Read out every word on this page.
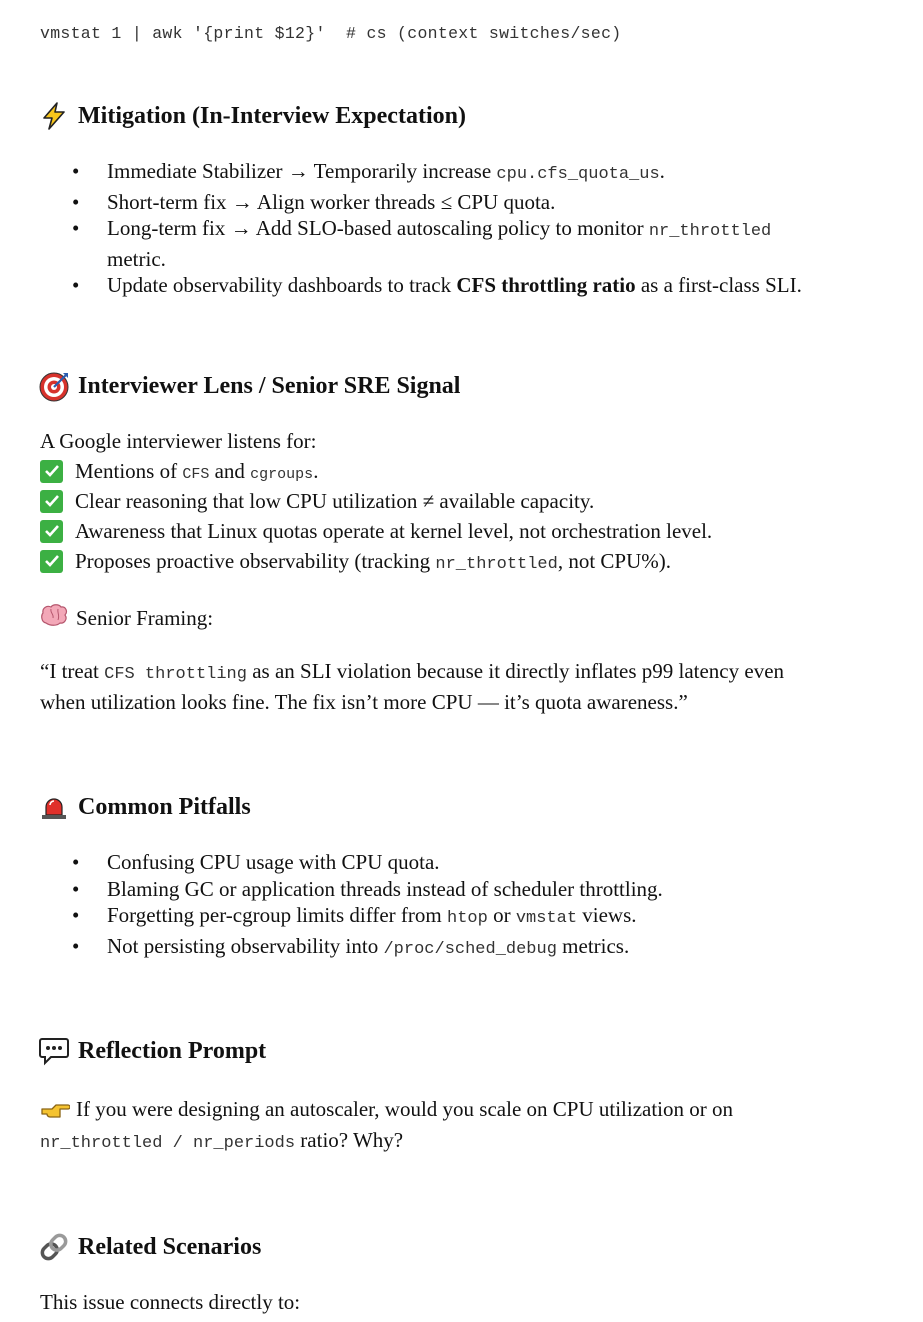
vmstat 1 | awk '{print $12}'  # cs (context switches/sec)
Mitigation (In-Interview Expectation)
• Immediate Stabilizer → Temporarily increase cpu.cfs_quota_us.
• Short-term fix → Align worker threads ≤ CPU quota.
• Long-term fix → Add SLO-based autoscaling policy to monitor nr_throttled
metric.
• Update observability dashboards to track CFS throttling ratio as a first-class SLI.
Interviewer Lens / Senior SRE Signal

A Google interviewer listens for:

Mentions of CFS and cgroups.
Clear reasoning that low CPU utilization ≠ available capacity.
Awareness that Linux quotas operate at kernel level, not orchestration level.
Proposes proactive observability (tracking nr_throttled, not CPU%).
Senior Framing:

“I treat CFS throttling as an SLI violation because it directly inflates p99 latency even
when utilization looks fine. The fix isn’t more CPU — it’s quota awareness.”

Common Pitfalls
• Confusing CPU usage with CPU quota.
• Blaming GC or application threads instead of scheduler throttling.
• Forgetting per-cgroup limits differ from htop or vmstat views.
• Not persisting observability into /proc/sched_debug metrics.
Reflection Prompt

If you were designing an autoscaler, would you scale on CPU utilization or on
nr_throttled / nr_periods ratio? Why?

Related Scenarios

This issue connects directly to:
